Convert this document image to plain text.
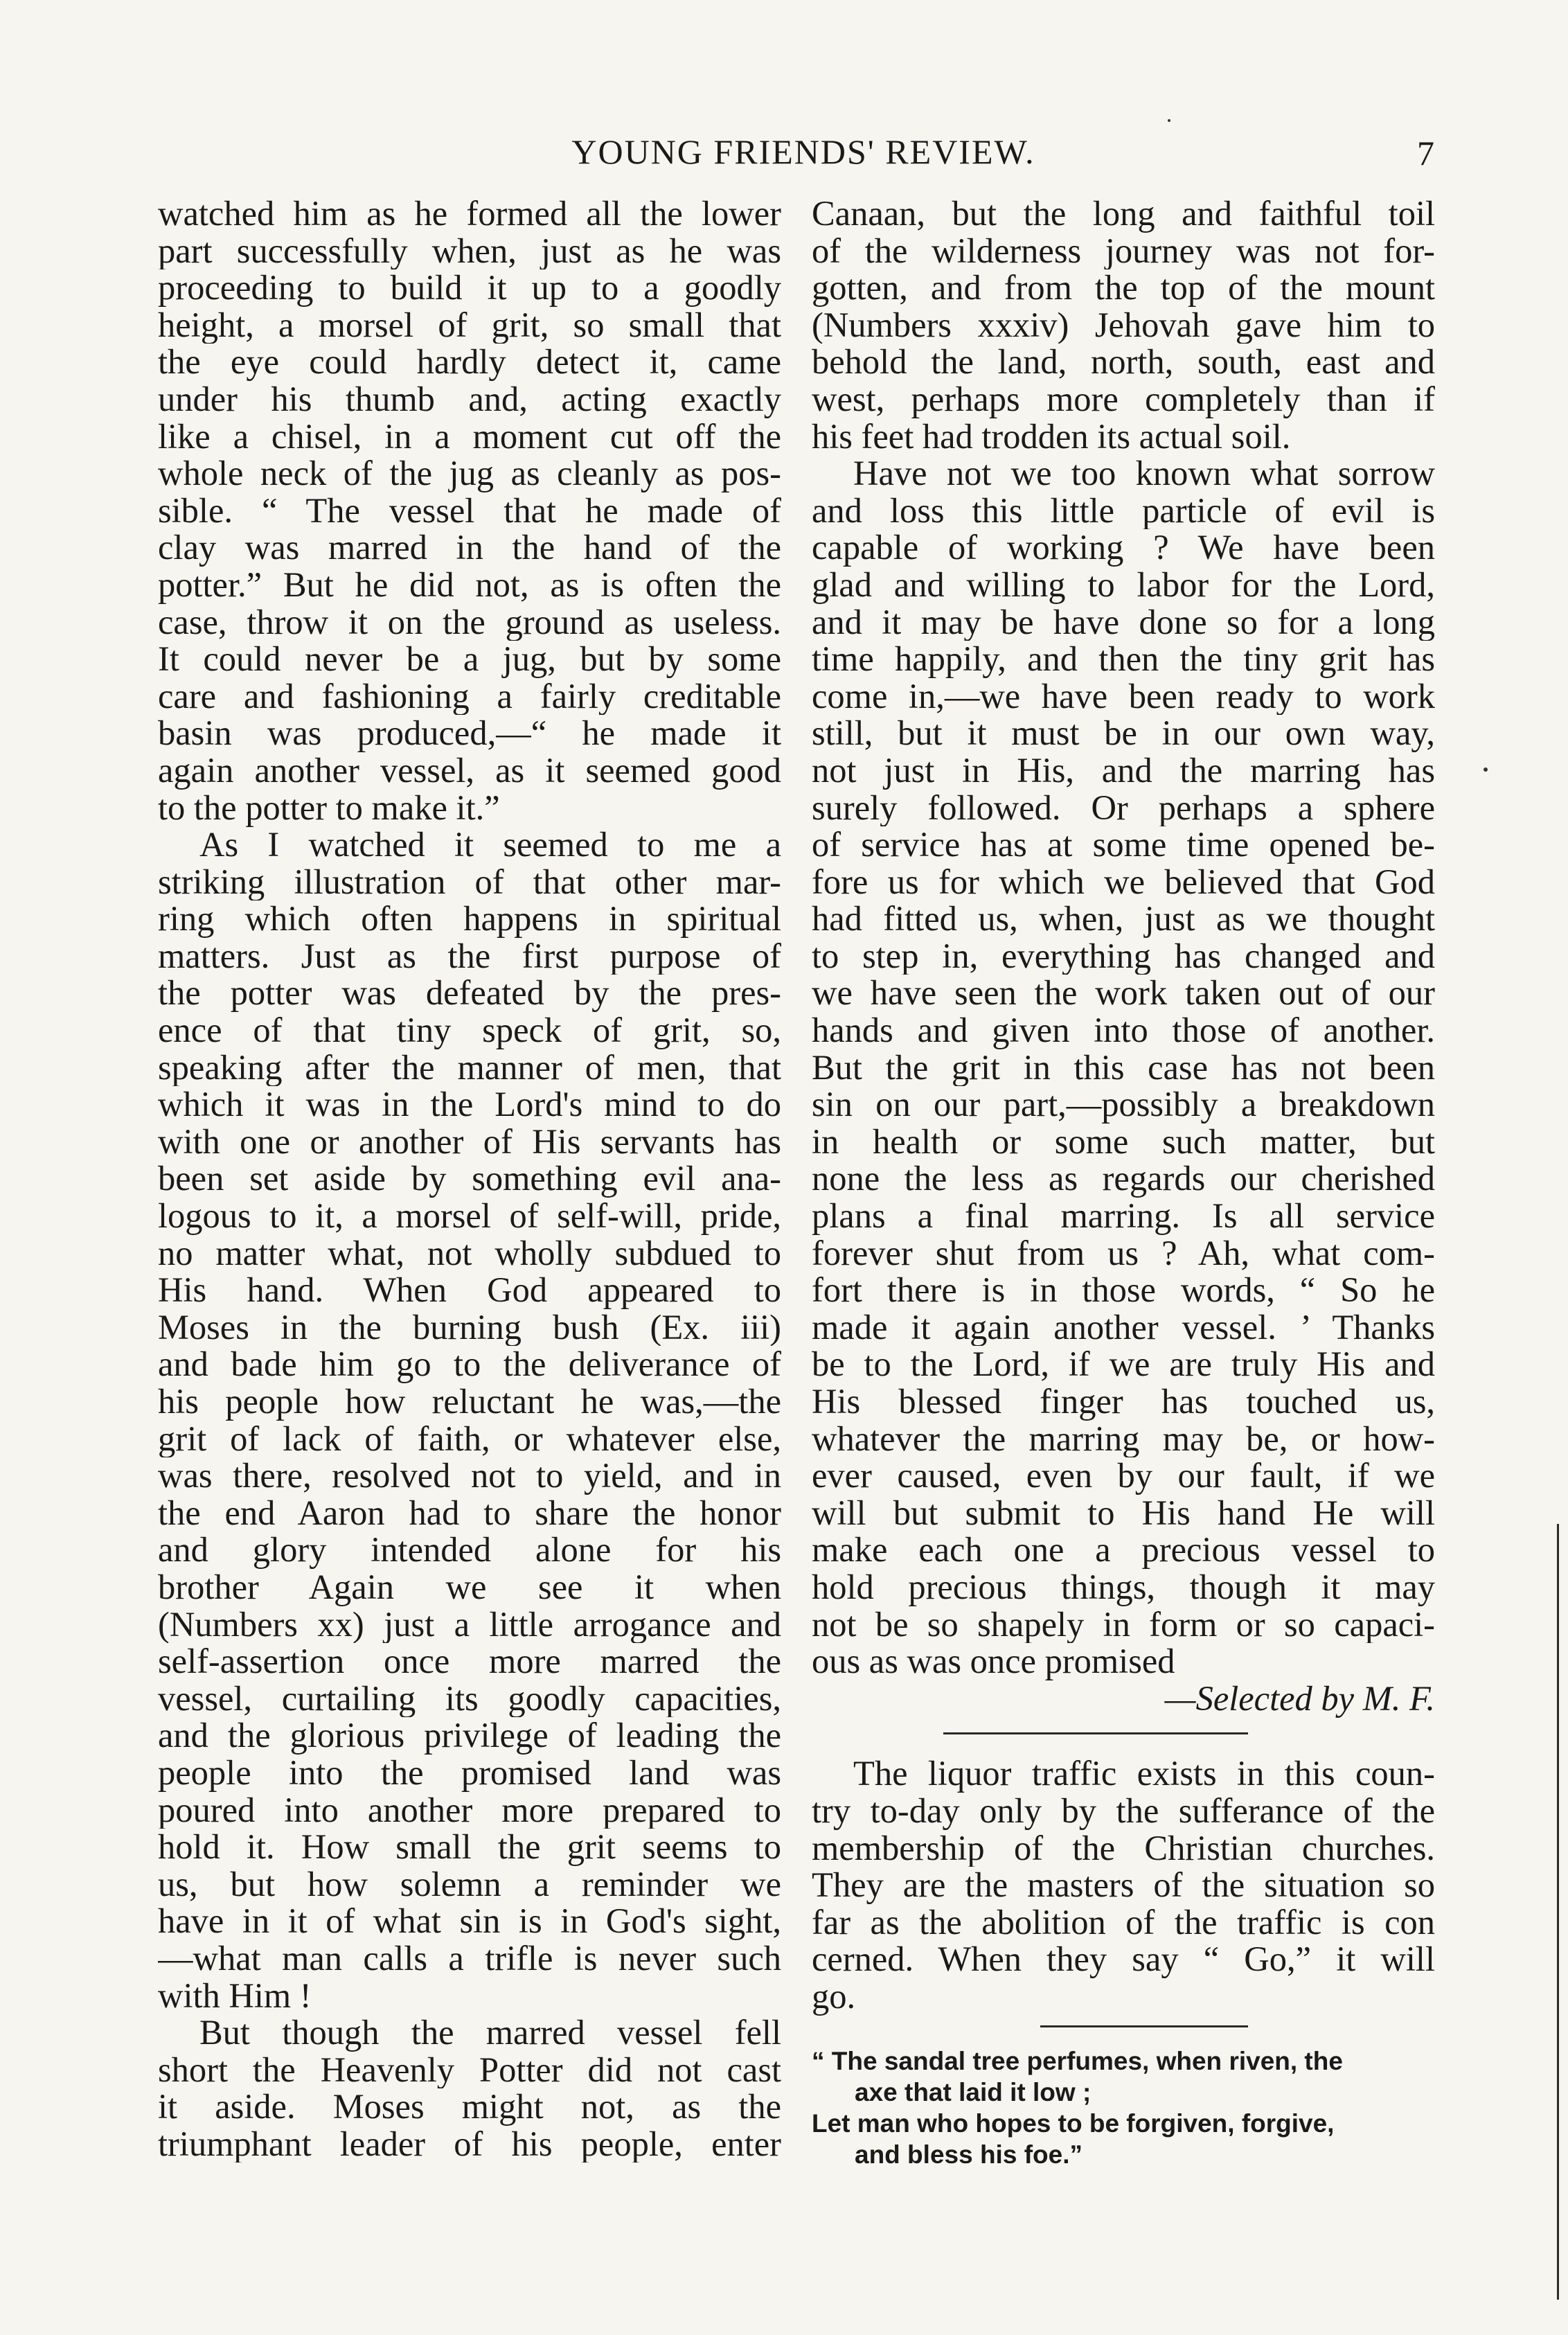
YOUNG FRIENDS' REVIEW.	7
watched him as he formed all the lower
part successfully when, just as he was
proceeding to build it up to a goodly
height, a morsel of grit, so small that
the eye could hardly detect it, came
under his thumb and, acting exactly
like a chisel, in a moment cut off the
whole neck of the jug as cleanly as pos-
sible. “ The vessel that he made of
clay was marred in the hand of the
potter.” But he did not, as is often the
case, throw it on the ground as useless.
It could never be a jug, but by some
care and fashioning a fairly creditable
basin was produced,—“ he made it
again another vessel, as it seemed good
to the potter to make it.”
As I watched it seemed to me a
striking illustration of that other mar-
ring which often happens in spiritual
matters. Just as the first purpose of
the potter was defeated by the pres-
ence of that tiny speck of grit, so,
speaking after the manner of men, that
which it was in the Lord's mind to do
with one or another of His servants has
been set aside by something evil ana-
logous to it, a morsel of self-will, pride,
no matter what, not wholly subdued to
His hand. When God appeared to
Moses in the burning bush (Ex. iii)
and bade him go to the deliverance of
his people how reluctant he was,—the
grit of lack of faith, or whatever else,
was there, resolved not to yield, and in
the end Aaron had to share the honor
and glory intended alone for his
brother Again we see it when
(Numbers xx) just a little arrogance and
self-assertion once more marred the
vessel, curtailing its goodly capacities,
and the glorious privilege of leading the
people into the promised land was
poured into another more prepared to
hold it. How small the grit seems to
us, but how solemn a reminder we
have in it of what sin is in God's sight,
—what man calls a trifle is never such
with Him !
But though the marred vessel fell
short the Heavenly Potter did not cast
it aside. Moses might not, as the
triumphant leader of his people, enter
Canaan, but the long and faithful toil
of the wilderness journey was not for-
gotten, and from the top of the mount
(Numbers xxxiv) Jehovah gave him to
behold the land, north, south, east and
west, perhaps more completely than if
his feet had trodden its actual soil.
Have not we too known what sorrow
and loss this little particle of evil is
capable of working ? We have been
glad and willing to labor for the Lord,
and it may be have done so for a long
time happily, and then the tiny grit has
come in,—we have been ready to work
still, but it must be in our own way,
not just in His, and the marring has
surely followed. Or perhaps a sphere
of service has at some time opened be-
fore us for which we believed that God
had fitted us, when, just as we thought
to step in, everything has changed and
we have seen the work taken out of our
hands and given into those of another.
But the grit in this case has not been
sin on our part,—possibly a breakdown
in health or some such matter, but
none the less as regards our cherished
plans a final marring. Is all service
forever shut from us ? Ah, what com-
fort there is in those words, “ So he
made it again another vessel. ’ Thanks
be to the Lord, if we are truly His and
His blessed finger has touched us,
whatever the marring may be, or how-
ever caused, even by our fault, if we
will but submit to His hand He will
make each one a precious vessel to
hold precious things, though it may
not be so shapely in form or so capaci-
ous as was once promised
—Selected by M. F.
The liquor traffic exists in this coun-
try to-day only by the sufferance of the
membership of the Christian churches.
They are the masters of the situation so
far as the abolition of the traffic is con
cerned. When they say “ Go,” it will
go.
“ The sandal tree perfumes, when riven, the
axe that laid it low ;
Let man who hopes to be forgiven, forgive,
and bless his foe.”
